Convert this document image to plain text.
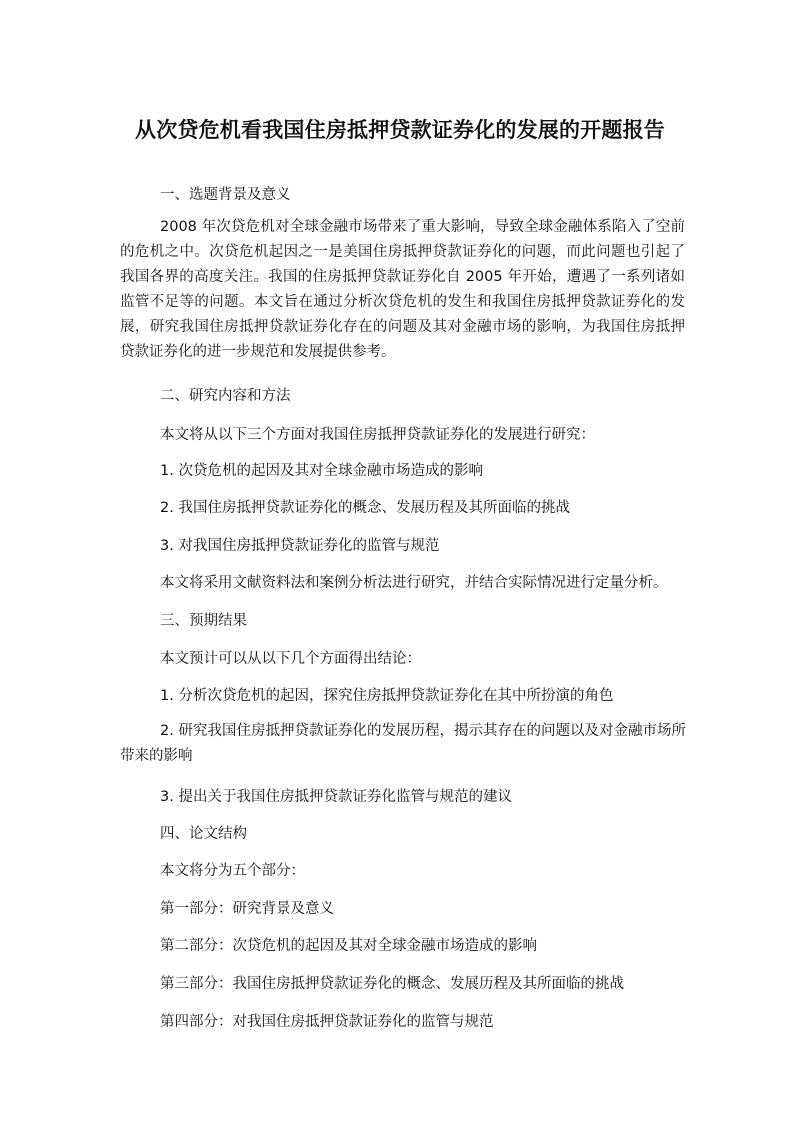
从次贷危机看我国住房抵押贷款证券化的发展的开题报告
一、选题背景及意义
2008 年次贷危机对全球金融市场带来了重大影响，导致全球金融体系陷入了空前的危机之中。次贷危机起因之一是美国住房抵押贷款证券化的问题，而此问题也引起了我国各界的高度关注。我国的住房抵押贷款证券化自 2005 年开始，遭遇了一系列诸如监管不足等的问题。本文旨在通过分析次贷危机的发生和我国住房抵押贷款证券化的发展，研究我国住房抵押贷款证券化存在的问题及其对金融市场的影响，为我国住房抵押贷款证券化的进一步规范和发展提供参考。
二、研究内容和方法
本文将从以下三个方面对我国住房抵押贷款证券化的发展进行研究：
1. 次贷危机的起因及其对全球金融市场造成的影响
2. 我国住房抵押贷款证券化的概念、发展历程及其所面临的挑战
3. 对我国住房抵押贷款证券化的监管与规范
本文将采用文献资料法和案例分析法进行研究，并结合实际情况进行定量分析。
三、预期结果
本文预计可以从以下几个方面得出结论：
1. 分析次贷危机的起因，探究住房抵押贷款证券化在其中所扮演的角色
2. 研究我国住房抵押贷款证券化的发展历程，揭示其存在的问题以及对金融市场所带来的影响
3. 提出关于我国住房抵押贷款证券化监管与规范的建议
四、论文结构
本文将分为五个部分：
第一部分：研究背景及意义
第二部分：次贷危机的起因及其对全球金融市场造成的影响
第三部分：我国住房抵押贷款证券化的概念、发展历程及其所面临的挑战
第四部分：对我国住房抵押贷款证券化的监管与规范
